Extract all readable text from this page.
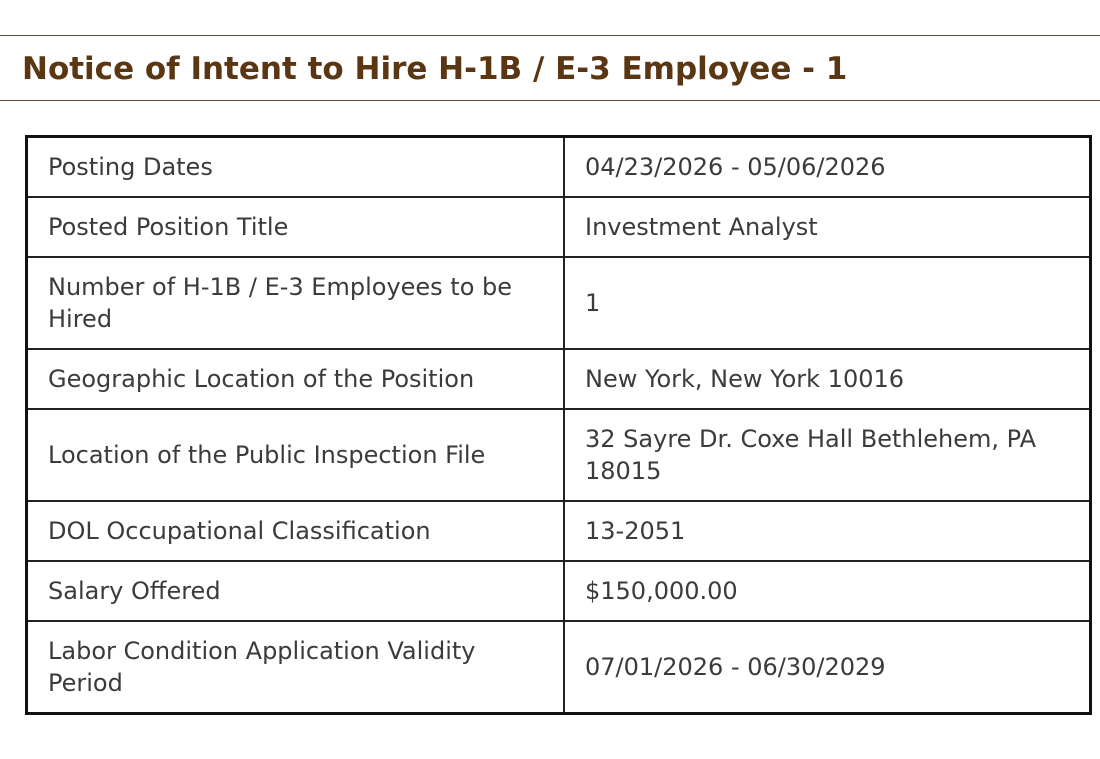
Notice of Intent to Hire H-1B / E-3 Employee - 1
Posting Dates	04/23/2026 - 05/06/2026
Posted Position Title	Investment Analyst
Number of H-1B / E-3 Employees to be Hired	1
Geographic Location of the Position	New York, New York 10016
Location of the Public Inspection File	32 Sayre Dr. Coxe Hall Bethlehem, PA 18015
DOL Occupational Classification	13-2051
Salary Offered	$150,000.00
Labor Condition Application Validity Period	07/01/2026 - 06/30/2029
